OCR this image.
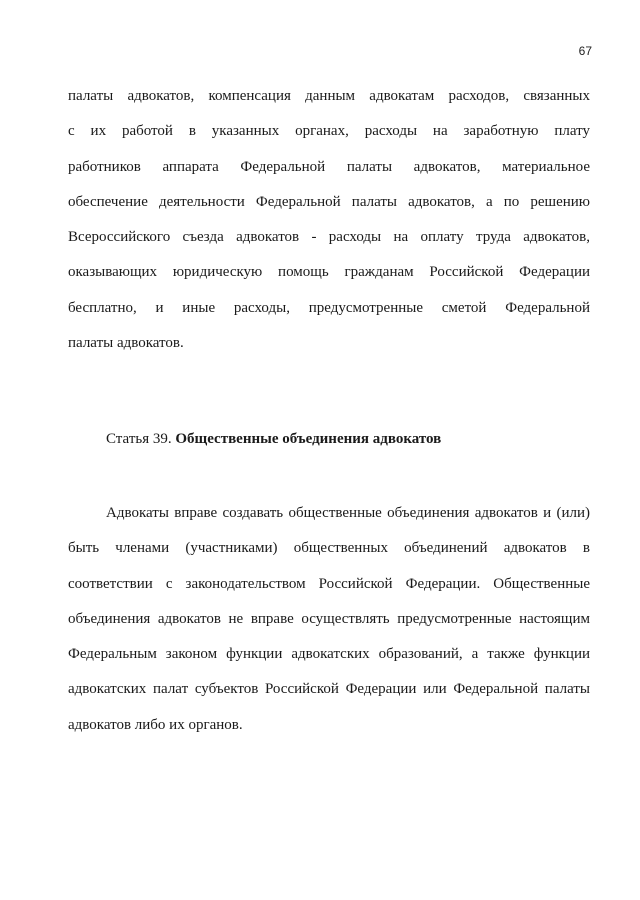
67
палаты адвокатов, компенсация данным адвокатам расходов, связанных
с их работой в указанных органах, расходы на заработную плату
работников аппарата Федеральной палаты адвокатов, материальное
обеспечение деятельности Федеральной палаты адвокатов, а по решению
Всероссийского съезда адвокатов - расходы на оплату труда адвокатов,
оказывающих юридическую помощь гражданам Российской Федерации
бесплатно, и иные расходы, предусмотренные сметой Федеральной
палаты адвокатов.
Статья 39. Общественные объединения адвокатов
Адвокаты вправе создавать общественные объединения адвокатов и (или)
быть членами (участниками) общественных объединений адвокатов в
соответствии с законодательством Российской Федерации. Общественные
объединения адвокатов не вправе осуществлять предусмотренные настоящим
Федеральным законом функции адвокатских образований, а также функции
адвокатских палат субъектов Российской Федерации или Федеральной палаты
адвокатов либо их органов.
